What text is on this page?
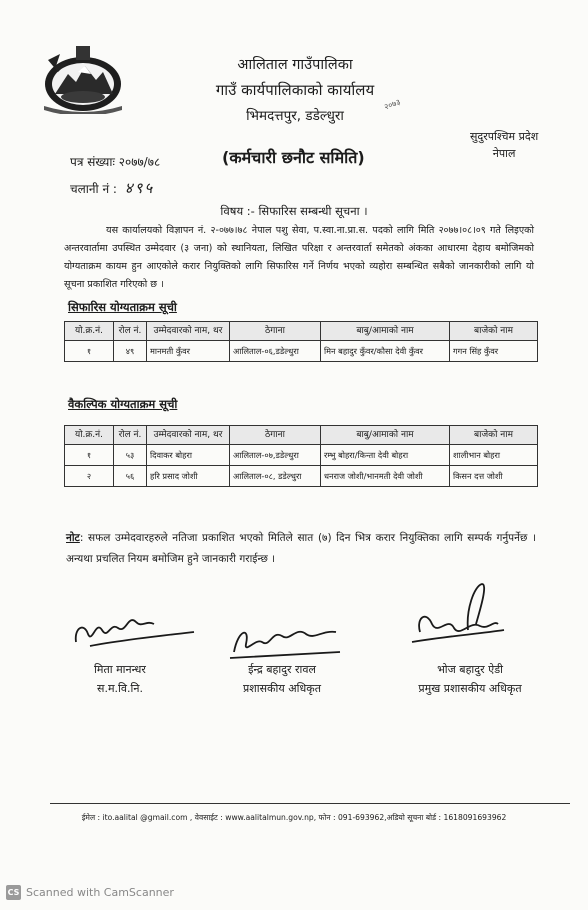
आलिताल गाउँपालिका
गाउँ कार्यपालिकाको कार्यालय
भिमदत्तपुर, डडेल्धुरा
२०७३
सुदुरपश्चिम प्रदेश
नेपाल
पत्र संख्याः २०७७/७८
चलानी नं : ४९५
(कर्मचारी छनौट समिति)
विषय :- सिफारिस सम्बन्धी सूचना ।
यस कार्यालयको विज्ञापन नं. २-०७७।७८ नेपाल पशु सेवा, प.स्वा.ना.प्रा.स. पदको लागि मिति २०७७।०८।०९ गते लिइएको अन्तरवार्तामा उपस्थित उम्मेदवार (३ जना) को स्थानियता, लिखित परिक्षा र अन्तरवार्ता समेतको अंकका आधारमा देहाय बमोजिमको योग्यताक्रम कायम हुन आएकोले करार नियुक्तिको लागि सिफारिस गर्ने निर्णय भएको व्यहोरा सम्बन्धित सबैको जानकारीको लागि यो सूचना प्रकाशित गरिएको छ ।
सिफारिस योग्यताक्रम सूची
यो.क्र.नं.	रोल नं.	उम्मेदवारको नाम, थर	ठेगाना	बाबु/आमाको नाम	बाजेको नाम
१	४९	मानमती कुँवर	आलिताल-०६,डडेल्धुरा	मिन बहादुर कुँवर/कौसा देवी कुँवर	गगन सिंह कुँवर
वैकल्पिक योग्यताक्रम सूची
यो.क्र.नं.	रोल नं.	उम्मेदवारको नाम, थर	ठेगाना	बाबु/आमाको नाम	बाजेको नाम
१	५३	दिवाकर बोहरा	आलिताल-०७,डडेल्धुरा	रम्भु बोहरा/किन्ता देवी बोहरा	शालीभान बोहरा
२	५६	हरि प्रसाद जोशी	आलिताल-०८, डडेल्धुरा	धनराज जोशी/भानमती देवी जोशी	किसन दत्त जोशी
नोट: सफल उम्मेदवारहरुले नतिजा प्रकाशित भएको मितिले सात (७) दिन भित्र करार नियुक्तिका लागि सम्पर्क गर्नुपर्नेछ । अन्यथा प्रचलित नियम बमोजिम हुने जानकारी गराईन्छ ।
मिता मानन्धर
स.म.वि.नि.
ईन्द्र बहादुर रावल
प्रशासकीय अधिकृत
भोज बहादुर ऐडी
प्रमुख प्रशासकीय अधिकृत
ईमेल : ito.aalital @gmail.com , वेवसाईट : www.aalitalmun.gov.np, फोन : 091-693962,अडियो सूचना बोर्ड : 1618091693962
CS Scanned with CamScanner
